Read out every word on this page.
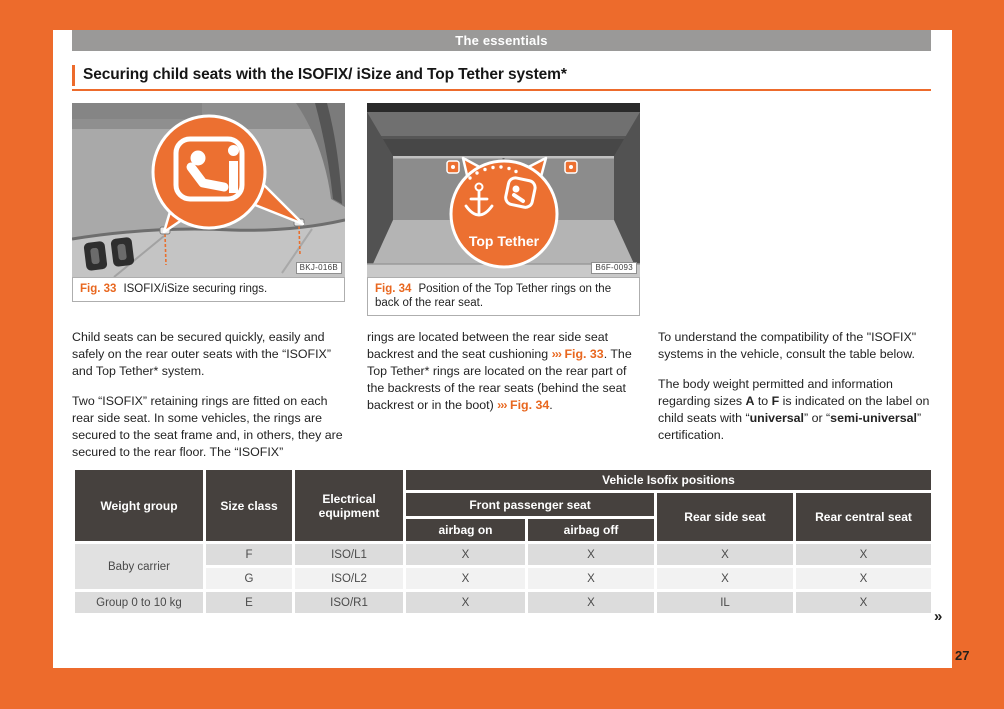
The essentials
Securing child seats with the ISOFIX/ iSize and Top Tether system*
BKJ-016B
Fig. 33 ISOFIX/iSize securing rings.
Top Tether
B6F-0093
Fig. 34 Position of the Top Tether rings on the back of the rear seat.

Child seats can be secured quickly, easily and safely on the rear outer seats with the “ISOFIX” and Top Tether* system.

Two “ISOFIX” retaining rings are fitted on each rear side seat. In some vehicles, the rings are secured to the seat frame and, in others, they are secured to the rear floor. The “ISOFIX”

rings are located between the rear side seat backrest and the seat cushioning ››› Fig. 33. The Top Tether* rings are located on the rear part of the backrests of the rear seats (behind the seat backrest or in the boot) ››› Fig. 34.

To understand the compatibility of the "ISOFIX" systems in the vehicle, consult the table below.

The body weight permitted and information regarding sizes A to F is indicated on the label on child seats with “universal” or “semi-universal” certification.

Weight group	Size class	Electrical equipment	Vehicle Isofix positions			
			Front passenger seat		Rear side seat	Rear central seat
			airbag on	airbag off		
Baby carrier	F	ISO/L1	X	X	X	X
	G	ISO/L2	X	X	X	X
Group 0 to 10 kg	E	ISO/R1	X	X	IL	X
»
27
